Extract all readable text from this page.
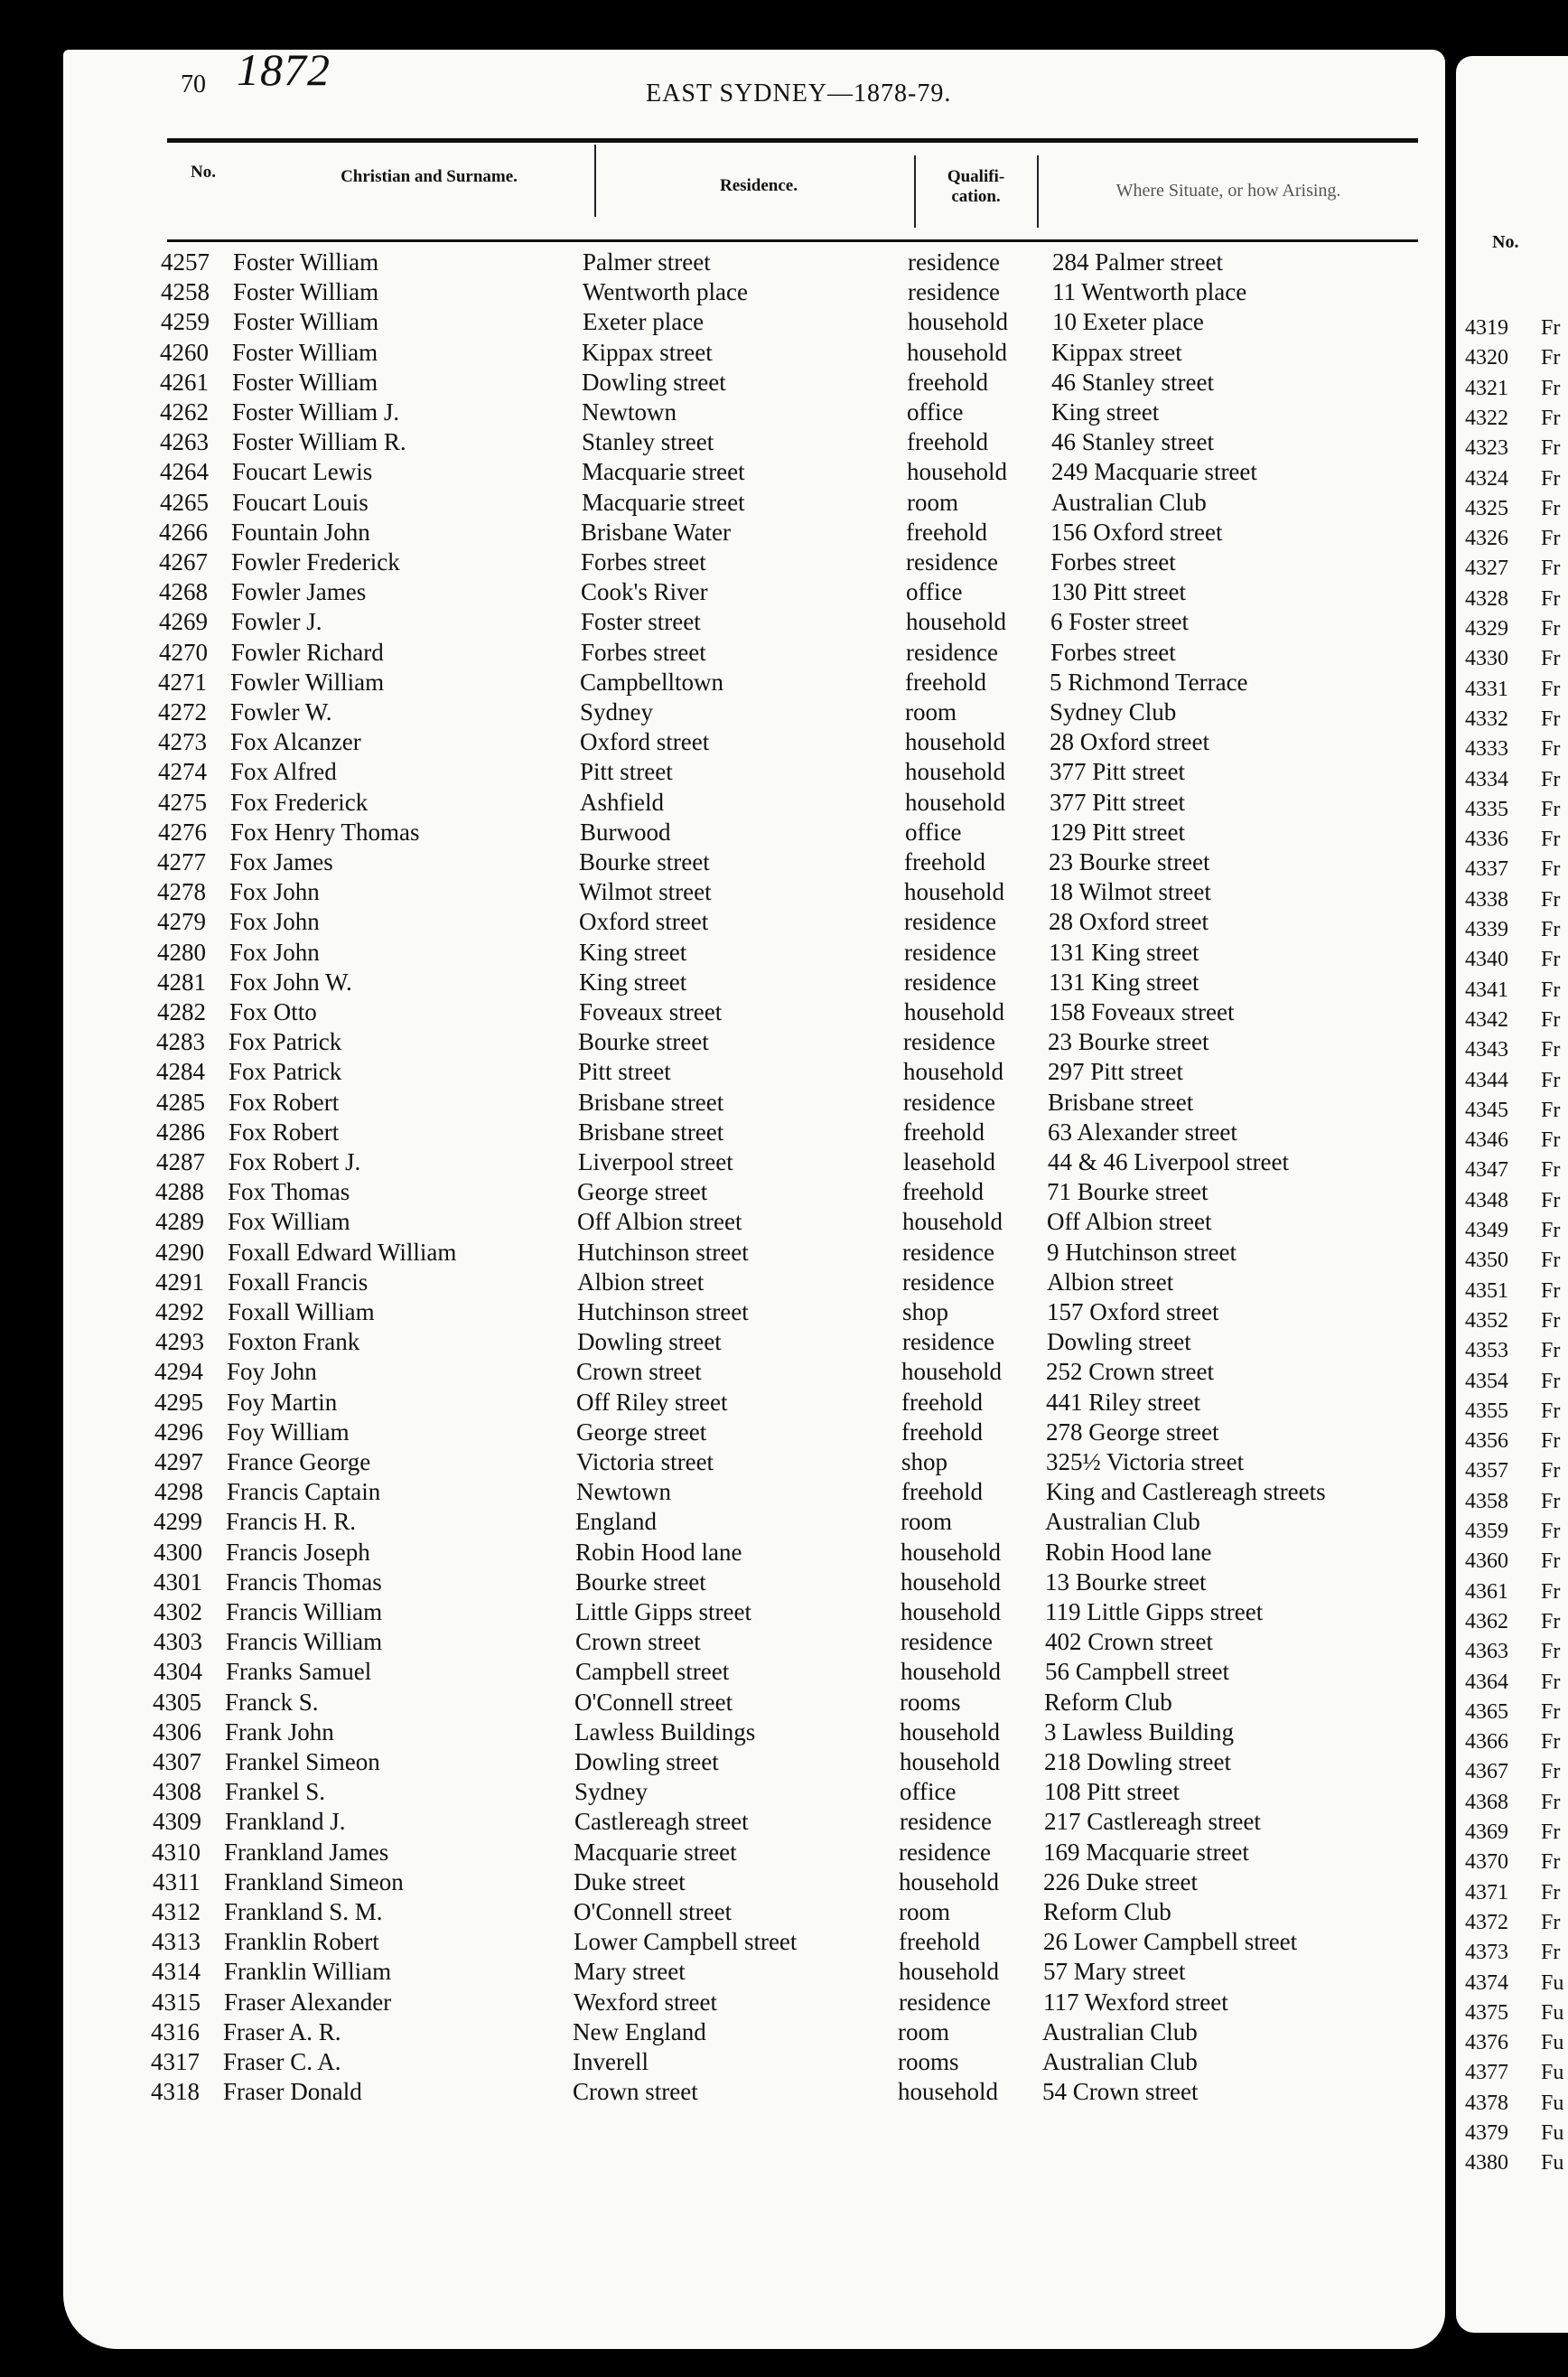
70 1872	EAST SYDNEY—1878-79.
No.	Christian and Surname.	Residence.	Qualifi-
cation.	Where Situate, or how Arising.
4257 Foster William	Palmer street	residence 284 Palmer street
4258 Foster William	Wentworth place	residence 11 Wentworth place
4259 Foster William	Exeter place	household 10 Exeter place
4260 Foster William	Kippax street	household Kippax street
4261 Foster William	Dowling street	freehold	46 Stanley street
4262 Foster William J.	Newtown	office	King street
4263 Foster William R.	Stanley street	freehold	46 Stanley street
4264 Foucart Lewis	Macquarie street	household 249 Macquarie street
4265 Foucart Louis	Macquarie street	room	Australian Club
4266 Fountain John	Brisbane Water	freehold	156 Oxford street
4267 Fowler Frederick	Forbes street	residence Forbes street
4268 Fowler James	Cook's River	office	130 Pitt street
4269 Fowler J.	Foster street	household 6 Foster street
4270 Fowler Richard	Forbes street	residence Forbes street
4271 Fowler William	Campbelltown	freehold	5 Richmond Terrace
4272 Fowler W.	Sydney	room	Sydney Club
4273 Fox Alcanzer	Oxford street	household 28 Oxford street
4274 Fox Alfred	Pitt street	household 377 Pitt street
4275 Fox Frederick	Ashfield	household 377 Pitt street
4276 Fox Henry Thomas	Burwood	office	129 Pitt street
4277 Fox James	Bourke street	freehold	23 Bourke street
4278 Fox John	Wilmot street	household 18 Wilmot street
4279 Fox John	Oxford street	residence 28 Oxford street
4280 Fox John	King street	residence 131 King street
4281 Fox John W.	King street	residence 131 King street
4282 Fox Otto	Foveaux street	household 158 Foveaux street
4283 Fox Patrick	Bourke street	residence 23 Bourke street
4284 Fox Patrick	Pitt street	household 297 Pitt street
4285 Fox Robert	Brisbane street	residence Brisbane street
4286 Fox Robert	Brisbane street	freehold	63 Alexander street
4287 Fox Robert J.	Liverpool street	leasehold 44 & 46 Liverpool street
4288 Fox Thomas	George street	freehold	71 Bourke street
4289 Fox William	Off Albion street	household Off Albion street
4290 Foxall Edward William	Hutchinson street	residence 9 Hutchinson street
4291 Foxall Francis	Albion street	residence Albion street
4292 Foxall William	Hutchinson street	shop	157 Oxford street
4293 Foxton Frank	Dowling street	residence Dowling street
4294 Foy John	Crown street	household 252 Crown street
4295 Foy Martin	Off Riley street	freehold	441 Riley street
4296 Foy William	George street	freehold	278 George street
4297 France George	Victoria street	shop	325½ Victoria street
4298 Francis Captain	Newtown	freehold	King and Castlereagh streets
4299 Francis H. R.	England	room	Australian Club
4300 Francis Joseph	Robin Hood lane	household Robin Hood lane
4301 Francis Thomas	Bourke street	household 13 Bourke street
4302 Francis William	Little Gipps street	household 119 Little Gipps street
4303 Francis William	Crown street	residence 402 Crown street
4304 Franks Samuel	Campbell street	household 56 Campbell street
4305 Franck S.	O'Connell street	rooms	Reform Club
4306 Frank John	Lawless Buildings	household 3 Lawless Building
4307 Frankel Simeon	Dowling street	household 218 Dowling street
4308 Frankel S.	Sydney	office	108 Pitt street
4309 Frankland J.	Castlereagh street	residence 217 Castlereagh street
4310 Frankland James	Macquarie street	residence 169 Macquarie street
4311 Frankland Simeon	Duke street	household 226 Duke street
4312 Frankland S. M.	O'Connell street	room	Reform Club
4313 Franklin Robert	Lower Campbell street	freehold	26 Lower Campbell street
4314 Franklin William	Mary street	household 57 Mary street
4315 Fraser Alexander	Wexford street	residence 117 Wexford street
4316 Fraser A. R.	New England	room	Australian Club
4317 Fraser C. A.	Inverell	rooms	Australian Club
4318 Fraser Donald	Crown street	household 54 Crown street
No.
4319 Fr
4320 Fr
4321 Fr
4322 Fr
4323 Fr
4324 Fr
4325 Fr
4326 Fr
4327 Fr
4328 Fr
4329 Fr
4330 Fr
4331 Fr
4332 Fr
4333 Fr
4334 Fr
4335 Fr
4336 Fr
4337 Fr
4338 Fr
4339 Fr
4340 Fr
4341 Fr
4342 Fr
4343 Fr
4344 Fr
4345 Fr
4346 Fr
4347 Fr
4348 Fr
4349 Fr
4350 Fr
4351 Fr
4352 Fr
4353 Fr
4354 Fr
4355 Fr
4356 Fr
4357 Fr
4358 Fr
4359 Fr
4360 Fr
4361 Fr
4362 Fr
4363 Fr
4364 Fr
4365 Fr
4366 Fr
4367 Fr
4368 Fr
4369 Fr
4370 Fr
4371 Fr
4372 Fr
4373 Fr
4374 Fu
4375 Fu
4376 Fu
4377 Fu
4378 Fu
4379 Fu
4380 Fu
